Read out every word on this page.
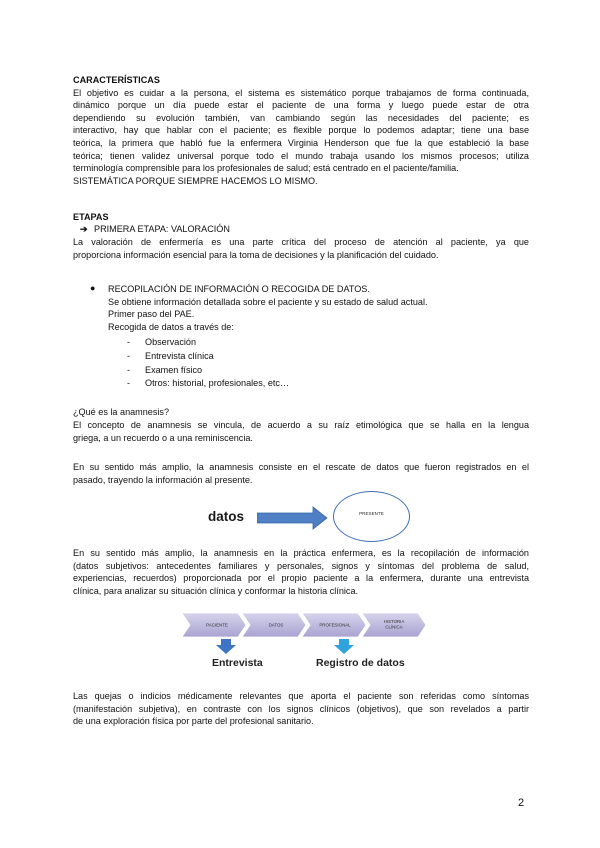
CARACTERÍSTICAS

El objetivo es cuidar a la persona, el sistema es sistemático porque trabajamos de forma continuada,
dinámico porque un día puede estar el paciente de una forma y luego puede estar de otra
dependiendo su evolución también, van cambiando según las necesidades del paciente; es
interactivo, hay que hablar con el paciente; es flexible porque lo podemos adaptar; tiene una base
teórica, la primera que habló fue la enfermera Virginia Henderson que fue la que estableció la base
teórica; tienen validez universal porque todo el mundo trabaja usando los mismos procesos; utiliza
terminología comprensible para los profesionales de salud; está centrado en el paciente/familia.
SISTEMÁTICA PORQUE SIEMPRE HACEMOS LO MISMO.

ETAPAS

➔ PRIMERA ETAPA: VALORACIÓN

La valoración de enfermería es una parte crítica del proceso de atención al paciente, ya que
proporciona información esencial para la toma de decisiones y la planificación del cuidado.

● RECOPILACIÓN DE INFORMACIÓN O RECOGIDA DE DATOS.
Se obtiene información detallada sobre el paciente y su estado de salud actual.
Primer paso del PAE.
Recogida de datos a través de:
-	Observación
-	Entrevista clínica
-	Examen físico
-	Otros: historial, profesionales, etc…

¿Qué es la anamnesis?

El concepto de anamnesis se vincula, de acuerdo a su raíz etimológica que se halla en la lengua
griega, a un recuerdo o a una reminiscencia.

En su sentido más amplio, la anamnesis consiste en el rescate de datos que fueron registrados en el
pasado, trayendo la información al presente.

datos	PRESENTE

En su sentido más amplio, la anamnesis en la práctica enfermera, es la recopilación de información
(datos subjetivos: antecedentes familiares y personales, signos y síntomas del problema de salud,
experiencias, recuerdos) proporcionada por el propio paciente a la enfermera, durante una entrevista
clínica, para analizar su situación clínica y conformar la historia clínica.

PACIENTE	DATOS	PROFESIONAL
HISTORIA CLÍNICA
Entrevista	Registro de datos

Las quejas o indicios médicamente relevantes que aporta el paciente son referidas como síntomas
(manifestación subjetiva), en contraste con los signos clínicos (objetivos), que son revelados a partir
de una exploración física por parte del profesional sanitario.

2
